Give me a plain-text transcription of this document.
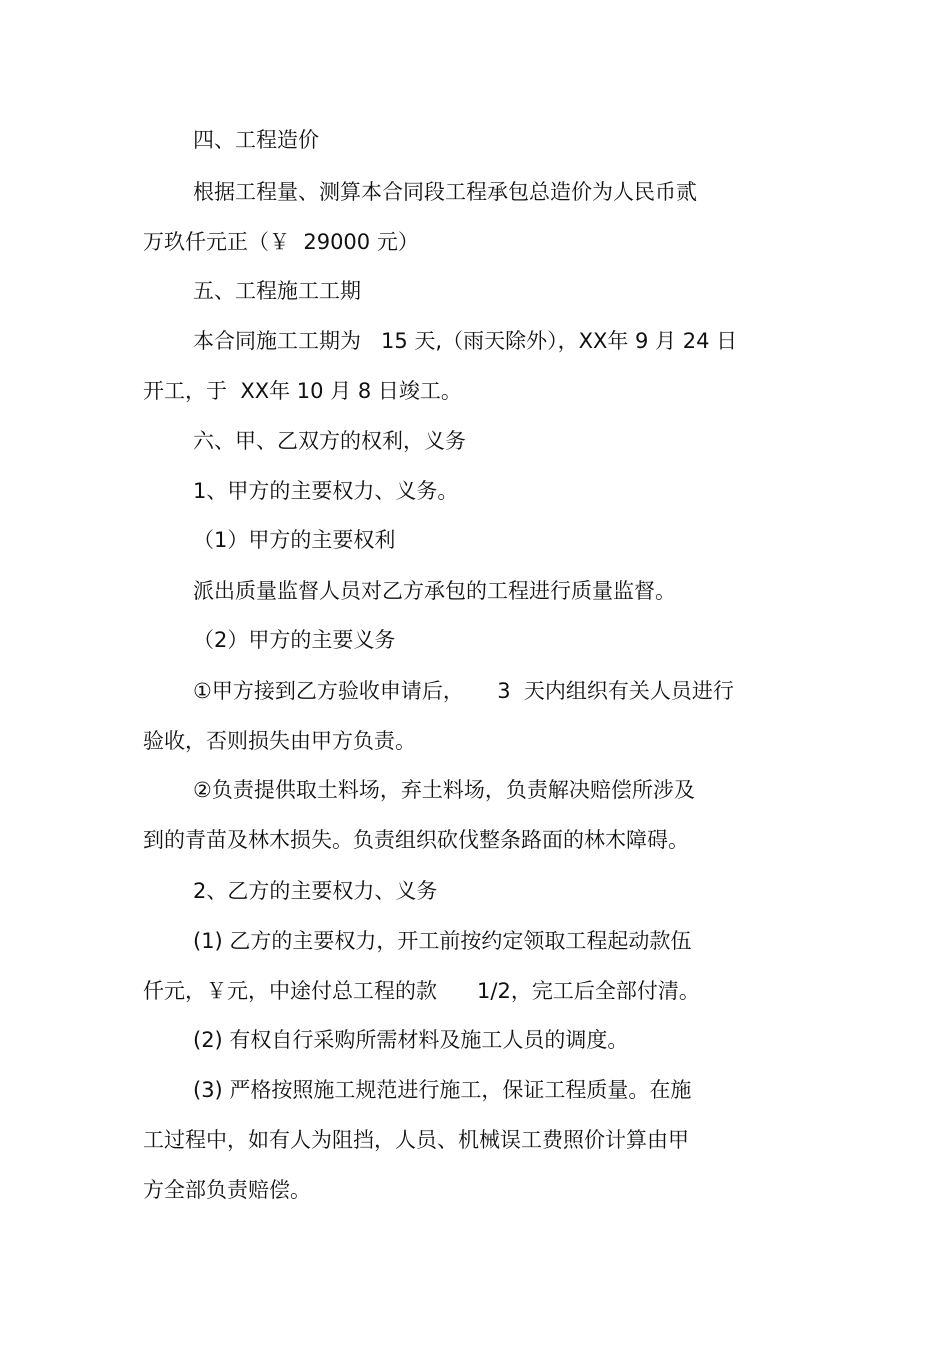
四、工程造价
根据工程量、测算本合同段工程承包总造价为人民币贰
万玖仟元正（￥  29000 元）
五、工程施工工期
本合同施工工期为   15 天,（雨天除外），XX年 9 月 24 日
开工，于  XX年 10 月 8 日竣工。
六、甲、乙双方的权利，义务
1、甲方的主要权力、义务。
（1）甲方的主要权利
派出质量监督人员对乙方承包的工程进行质量监督。
（2）甲方的主要义务
①甲方接到乙方验收申请后，     3  天内组织有关人员进行
验收，否则损失由甲方负责。
②负责提供取土料场，弃土料场，负责解决赔偿所涉及
到的青苗及林木损失。负责组织砍伐整条路面的林木障碍。
2、乙方的主要权力、义务
(1) 乙方的主要权力，开工前按约定领取工程起动款伍
仟元，￥元，中途付总工程的款      1/2，完工后全部付清。
(2) 有权自行采购所需材料及施工人员的调度。
(3) 严格按照施工规范进行施工，保证工程质量。在施
工过程中，如有人为阻挡，人员、机械误工费照价计算由甲
方全部负责赔偿。
